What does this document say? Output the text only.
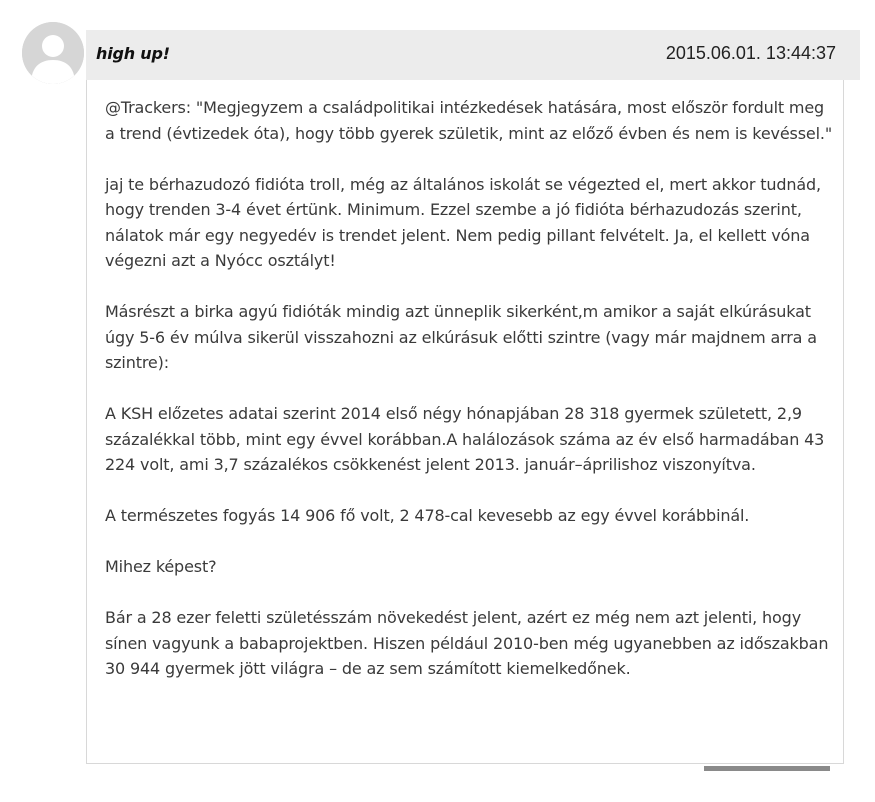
high up!	2015.06.01. 13:44:37

@Trackers: "Megjegyzem a családpolitikai intézkedések hatására, most először fordult meg a trend (évtizedek óta), hogy több gyerek születik, mint az előző évben és nem is kevéssel."

jaj te bérhazudozó fidióta troll, még az általános iskolát se végezted el, mert akkor tudnád, hogy trenden 3-4 évet értünk. Minimum. Ezzel szembe a jó fidióta bérhazudozás szerint, nálatok már egy negyedév is trendet jelent. Nem pedig pillant felvételt. Ja, el kellett vóna végezni azt a Nyócc osztályt!

Másrészt a birka agyú fidióták mindig azt ünneplik sikerként,m amikor a saját elkúrásukat úgy 5-6 év múlva sikerül visszahozni az elkúrásuk előtti szintre (vagy már majdnem arra a szintre):

A KSH előzetes adatai szerint 2014 első négy hónapjában 28 318 gyermek született, 2,9 százalékkal több, mint egy évvel korábban.A halálozások száma az év első harmadában 43 224 volt, ami 3,7 százalékos csökkenést jelent 2013. január–áprilishoz viszonyítva.

A természetes fogyás 14 906 fő volt, 2 478-cal kevesebb az egy évvel korábbinál.

Mihez képest?

Bár a 28 ezer feletti születésszám növekedést jelent, azért ez még nem azt jelenti, hogy sínen vagyunk a babaprojektben. Hiszen például 2010-ben még ugyanebben az időszakban 30 944 gyermek jött világra – de az sem számított kiemelkedőnek.
